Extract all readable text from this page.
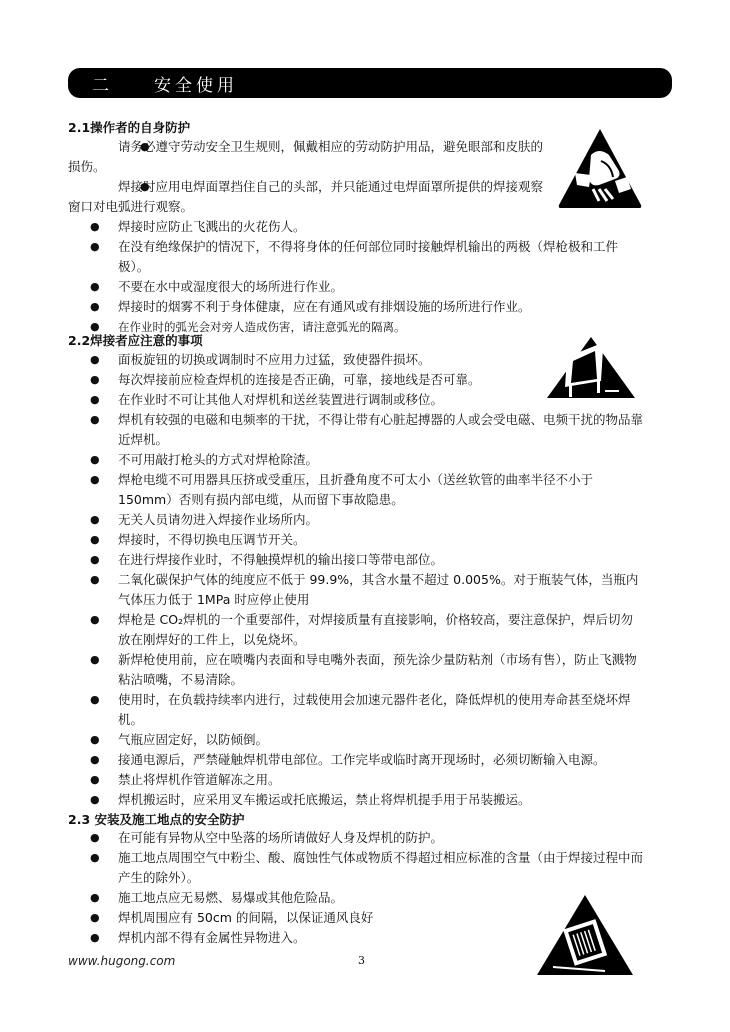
二	安全使用
2.1操作者的自身防护
● 请务必遵守劳动安全卫生规则，佩戴相应的劳动防护用品，避免眼部和皮肤的损伤。
● 焊接时应用电焊面罩挡住自己的头部，并只能通过电焊面罩所提供的焊接观察窗口对电弧进行观察。
● 焊接时应防止飞溅出的火花伤人。
● 在没有绝缘保护的情况下，不得将身体的任何部位同时接触焊机输出的两极（焊枪极和工件极）。
● 不要在水中或湿度很大的场所进行作业。
● 焊接时的烟雾不利于身体健康，应在有通风或有排烟设施的场所进行作业。
● 在作业时的弧光会对旁人造成伤害，请注意弧光的隔离。
2.2焊接者应注意的事项
● 面板旋钮的切换或调制时不应用力过猛，致使器件损坏。
● 每次焊接前应检查焊机的连接是否正确，可靠，接地线是否可靠。
● 在作业时不可让其他人对焊机和送丝装置进行调制或移位。
● 焊机有较强的电磁和电频率的干扰，不得让带有心脏起搏器的人或会受电磁、电频干扰的物品靠近焊机。
● 不可用敲打枪头的方式对焊枪除渣。
● 焊枪电缆不可用器具压挤或受重压，且折叠角度不可太小（送丝软管的曲率半径不小于 150mm）否则有损内部电缆，从而留下事故隐患。
● 无关人员请勿进入焊接作业场所内。
● 焊接时，不得切换电压调节开关。
● 在进行焊接作业时，不得触摸焊机的输出接口等带电部位。
● 二氧化碳保护气体的纯度应不低于 99.9%，其含水量不超过 0.005%。对于瓶装气体，当瓶内气体压力低于 1MPa 时应停止使用
● 焊枪是 CO₂焊机的一个重要部件，对焊接质量有直接影响，价格较高，要注意保护，焊后切勿放在刚焊好的工件上，以免烧坏。
● 新焊枪使用前，应在喷嘴内表面和导电嘴外表面，预先涂少量防粘剂（市场有售），防止飞溅物粘沾喷嘴，不易清除。
● 使用时，在负载持续率内进行，过载使用会加速元器件老化，降低焊机的使用寿命甚至烧坏焊机。
● 气瓶应固定好，以防倾倒。
● 接通电源后，严禁碰触焊机带电部位。工作完毕或临时离开现场时，必须切断输入电源。
● 禁止将焊机作管道解冻之用。
● 焊机搬运时，应采用叉车搬运或托底搬运，禁止将焊机提手用于吊装搬运。
2.3 安装及施工地点的安全防护
● 在可能有异物从空中坠落的场所请做好人身及焊机的防护。
● 施工地点周围空气中粉尘、酸、腐蚀性气体或物质不得超过相应标准的含量（由于焊接过程中而产生的除外）。
● 施工地点应无易燃、易爆或其他危险品。
● 焊机周围应有 50cm 的间隔，以保证通风良好
● 焊机内部不得有金属性异物进入。
www.hugong.com	3
